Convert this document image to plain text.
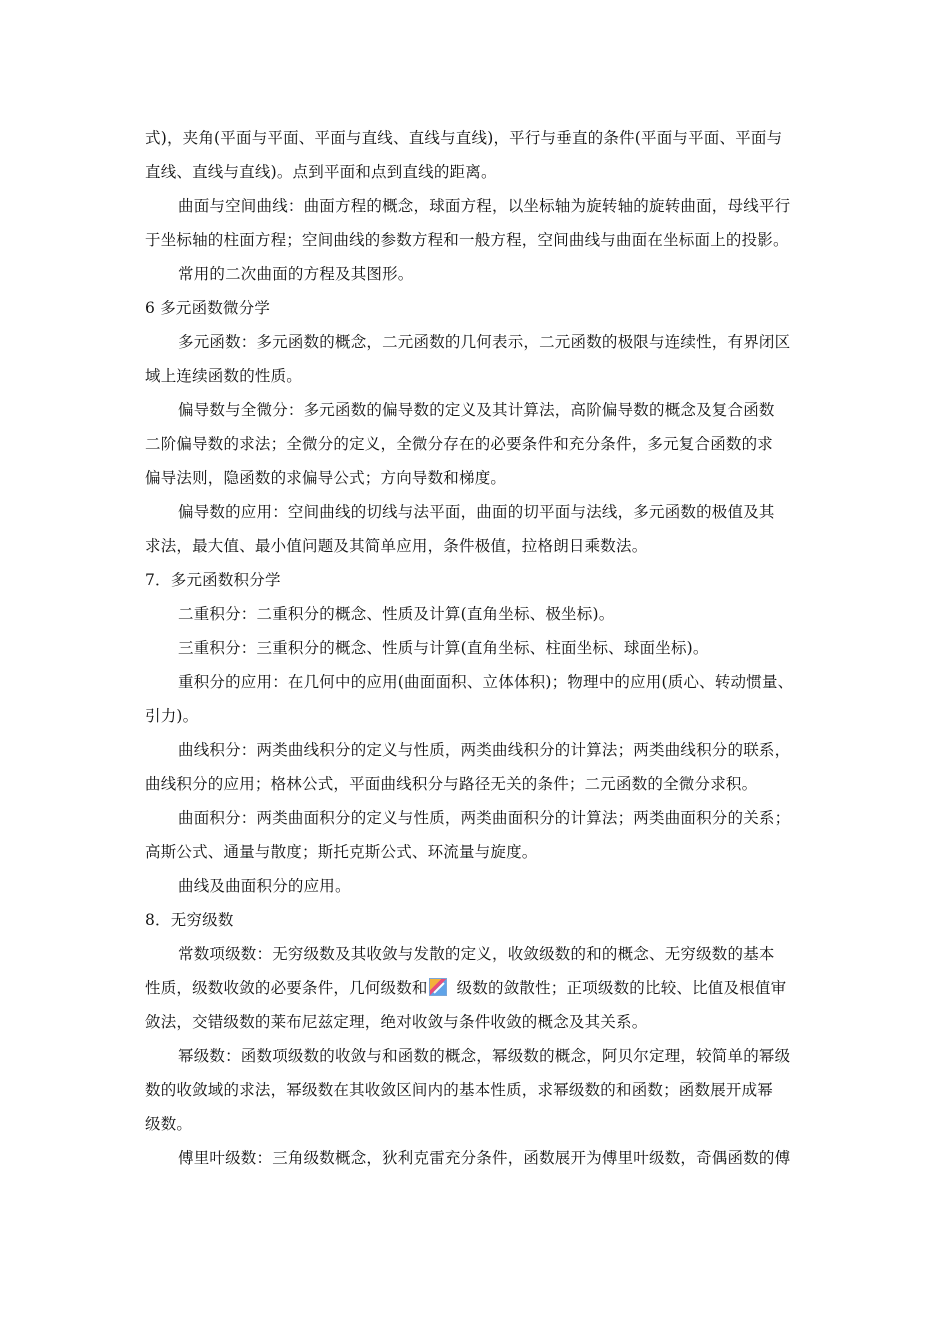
式)，夹角(平面与平面、平面与直线、直线与直线)，平行与垂直的条件(平面与平面、平面与
直线、直线与直线)。点到平面和点到直线的距离。
曲面与空间曲线：曲面方程的概念，球面方程，以坐标轴为旋转轴的旋转曲面，母线平行
于坐标轴的柱面方程；空间曲线的参数方程和一般方程，空间曲线与曲面在坐标面上的投影。
常用的二次曲面的方程及其图形。
6 多元函数微分学
多元函数：多元函数的概念，二元函数的几何表示，二元函数的极限与连续性，有界闭区
域上连续函数的性质。
偏导数与全微分：多元函数的偏导数的定义及其计算法，高阶偏导数的概念及复合函数
二阶偏导数的求法；全微分的定义，全微分存在的必要条件和充分条件，多元复合函数的求
偏导法则，隐函数的求偏导公式；方向导数和梯度。
偏导数的应用：空间曲线的切线与法平面，曲面的切平面与法线，多元函数的极值及其
求法，最大值、最小值问题及其简单应用，条件极值，拉格朗日乘数法。
7．多元函数积分学
二重积分：二重积分的概念、性质及计算(直角坐标、极坐标)。
三重积分：三重积分的概念、性质与计算(直角坐标、柱面坐标、球面坐标)。
重积分的应用：在几何中的应用(曲面面积、立体体积)；物理中的应用(质心、转动惯量、
引力)。
曲线积分：两类曲线积分的定义与性质，两类曲线积分的计算法；两类曲线积分的联系，
曲线积分的应用；格林公式，平面曲线积分与路径无关的条件；二元函数的全微分求积。
曲面积分：两类曲面积分的定义与性质，两类曲面积分的计算法；两类曲面积分的关系；
高斯公式、通量与散度；斯托克斯公式、环流量与旋度。
曲线及曲面积分的应用。
8．无穷级数
常数项级数：无穷级数及其收敛与发散的定义，收敛级数的和的概念、无穷级数的基本
性质，级数收敛的必要条件，几何级数和 级数的敛散性；正项级数的比较、比值及根值审
敛法，交错级数的莱布尼兹定理，绝对收敛与条件收敛的概念及其关系。
幂级数：函数项级数的收敛与和函数的概念，幂级数的概念，阿贝尔定理，较简单的幂级
数的收敛域的求法，幂级数在其收敛区间内的基本性质，求幂级数的和函数；函数展开成幂
级数。
傅里叶级数：三角级数概念，狄利克雷充分条件，函数展开为傅里叶级数，奇偶函数的傅
